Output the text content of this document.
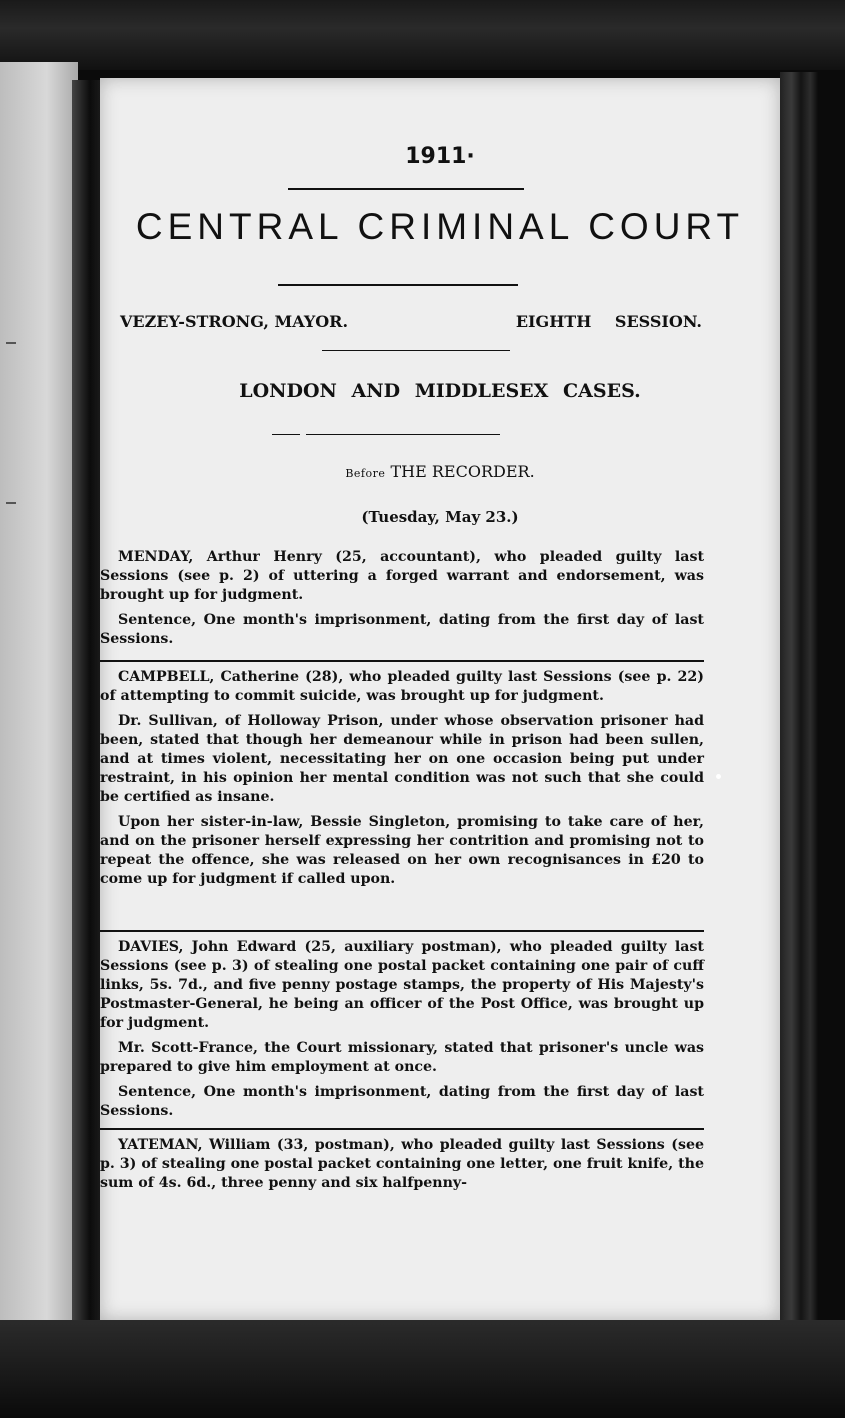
1911·
CENTRAL CRIMINAL COURT
VEZEY-STRONG, MAYOR.	EIGHTH SESSION.
LONDON AND MIDDLESEX CASES.
Before THE RECORDER.
(Tuesday, May 23.)

MENDAY, Arthur Henry (25, accountant), who pleaded guilty last Sessions (see p. 2) of uttering a forged warrant and endorsement, was brought up for judgment.

Sentence, One month's imprisonment, dating from the first day of last Sessions.

CAMPBELL, Catherine (28), who pleaded guilty last Sessions (see p. 22) of attempting to commit suicide, was brought up for judgment.

Dr. Sullivan, of Holloway Prison, under whose observation prisoner had been, stated that though her demeanour while in prison had been sullen, and at times violent, necessitating her on one occasion being put under restraint, in his opinion her mental condition was not such that she could be certified as insane.

Upon her sister-in-law, Bessie Singleton, promising to take care of her, and on the prisoner herself expressing her contrition and promising not to repeat the offence, she was released on her own recognisances in £20 to come up for judgment if called upon.

DAVIES, John Edward (25, auxiliary postman), who pleaded guilty last Sessions (see p. 3) of stealing one postal packet containing one pair of cuff links, 5s. 7d., and five penny postage stamps, the property of His Majesty's Postmaster-General, he being an officer of the Post Office, was brought up for judgment.

Mr. Scott-France, the Court missionary, stated that prisoner's uncle was prepared to give him employment at once.

Sentence, One month's imprisonment, dating from the first day of last Sessions.

YATEMAN, William (33, postman), who pleaded guilty last Sessions (see p. 3) of stealing one postal packet containing one letter, one fruit knife, the sum of 4s. 6d., three penny and six halfpenny-
